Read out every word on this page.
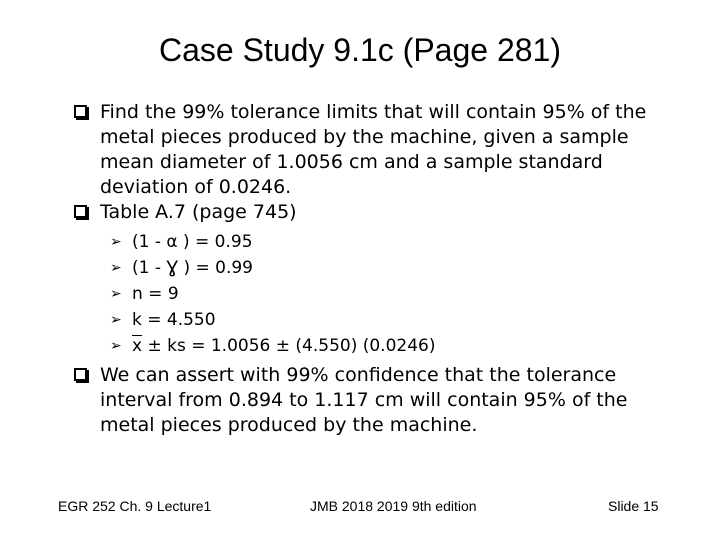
Case Study 9.1c (Page 281)
Find the 99% tolerance limits that will contain 95% of the metal pieces produced by the machine, given a sample mean diameter of 1.0056 cm and a sample standard deviation of 0.0246.
Table A.7 (page 745)
➢ (1 - α ) = 0.95
➢ (1 - Ɣ ) = 0.99
➢ n = 9
➢ k = 4.550
➢ $\overline{x}$ ± ks = 1.0056 ± (4.550) (0.0246)
We can assert with 99% confidence that the tolerance interval from 0.894 to 1.117 cm will contain 95% of the metal pieces produced by the machine.
EGR 252 Ch. 9 Lecture1	JMB 2018 2019 9th edition	Slide 15
